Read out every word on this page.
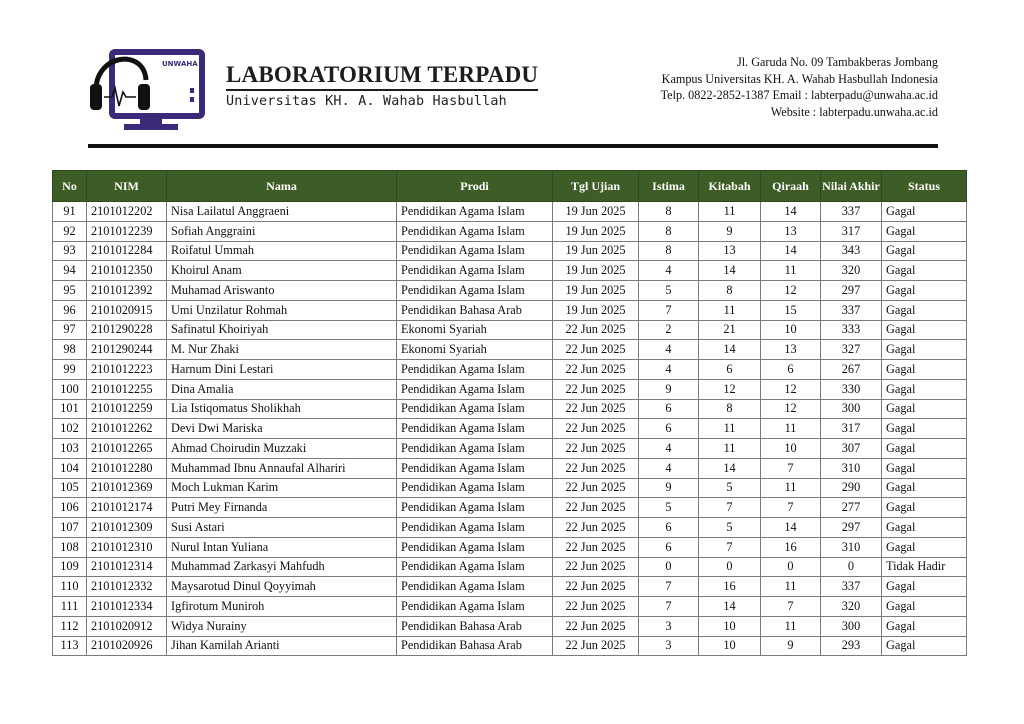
UNWAHA LABORATORIUM TERPADU
Universitas KH. A. Wahab Hasbullah
Jl. Garuda No. 09 Tambakberas Jombang
Kampus Universitas KH. A. Wahab Hasbullah Indonesia
Telp. 0822-2852-1387 Email : labterpadu@unwaha.ac.id
Website : labterpadu.unwaha.ac.id
No	NIM	Nama	Prodi	Tgl Ujian	Istima	Kitabah	Qiraah	Nilai Akhir	Status
91	2101012202	Nisa Lailatul Anggraeni	Pendidikan Agama Islam	19 Jun 2025	8	11	14	337	Gagal
92	2101012239	Sofiah Anggraini	Pendidikan Agama Islam	19 Jun 2025	8	9	13	317	Gagal
93	2101012284	Roifatul Ummah	Pendidikan Agama Islam	19 Jun 2025	8	13	14	343	Gagal
94	2101012350	Khoirul Anam	Pendidikan Agama Islam	19 Jun 2025	4	14	11	320	Gagal
95	2101012392	Muhamad Ariswanto	Pendidikan Agama Islam	19 Jun 2025	5	8	12	297	Gagal
96	2101020915	Umi Unzilatur Rohmah	Pendidikan Bahasa Arab	19 Jun 2025	7	11	15	337	Gagal
97	2101290228	Safinatul Khoiriyah	Ekonomi Syariah	22 Jun 2025	2	21	10	333	Gagal
98	2101290244	M. Nur Zhaki	Ekonomi Syariah	22 Jun 2025	4	14	13	327	Gagal
99	2101012223	Harnum Dini Lestari	Pendidikan Agama Islam	22 Jun 2025	4	6	6	267	Gagal
100	2101012255	Dina Amalia	Pendidikan Agama Islam	22 Jun 2025	9	12	12	330	Gagal
101	2101012259	Lia Istiqomatus Sholikhah	Pendidikan Agama Islam	22 Jun 2025	6	8	12	300	Gagal
102	2101012262	Devi Dwi Mariska	Pendidikan Agama Islam	22 Jun 2025	6	11	11	317	Gagal
103	2101012265	Ahmad Choirudin Muzzaki	Pendidikan Agama Islam	22 Jun 2025	4	11	10	307	Gagal
104	2101012280	Muhammad Ibnu Annaufal Alhariri	Pendidikan Agama Islam	22 Jun 2025	4	14	7	310	Gagal
105	2101012369	Moch Lukman Karim	Pendidikan Agama Islam	22 Jun 2025	9	5	11	290	Gagal
106	2101012174	Putri Mey Firnanda	Pendidikan Agama Islam	22 Jun 2025	5	7	7	277	Gagal
107	2101012309	Susi Astari	Pendidikan Agama Islam	22 Jun 2025	6	5	14	297	Gagal
108	2101012310	Nurul Intan Yuliana	Pendidikan Agama Islam	22 Jun 2025	6	7	16	310	Gagal
109	2101012314	Muhammad Zarkasyi Mahfudh	Pendidikan Agama Islam	22 Jun 2025	0	0	0	0	Tidak Hadir
110	2101012332	Maysarotud Dinul Qoyyimah	Pendidikan Agama Islam	22 Jun 2025	7	16	11	337	Gagal
111	2101012334	Igfirotum Muniroh	Pendidikan Agama Islam	22 Jun 2025	7	14	7	320	Gagal
112	2101020912	Widya Nurainy	Pendidikan Bahasa Arab	22 Jun 2025	3	10	11	300	Gagal
113	2101020926	Jihan Kamilah Arianti	Pendidikan Bahasa Arab	22 Jun 2025	3	10	9	293	Gagal
